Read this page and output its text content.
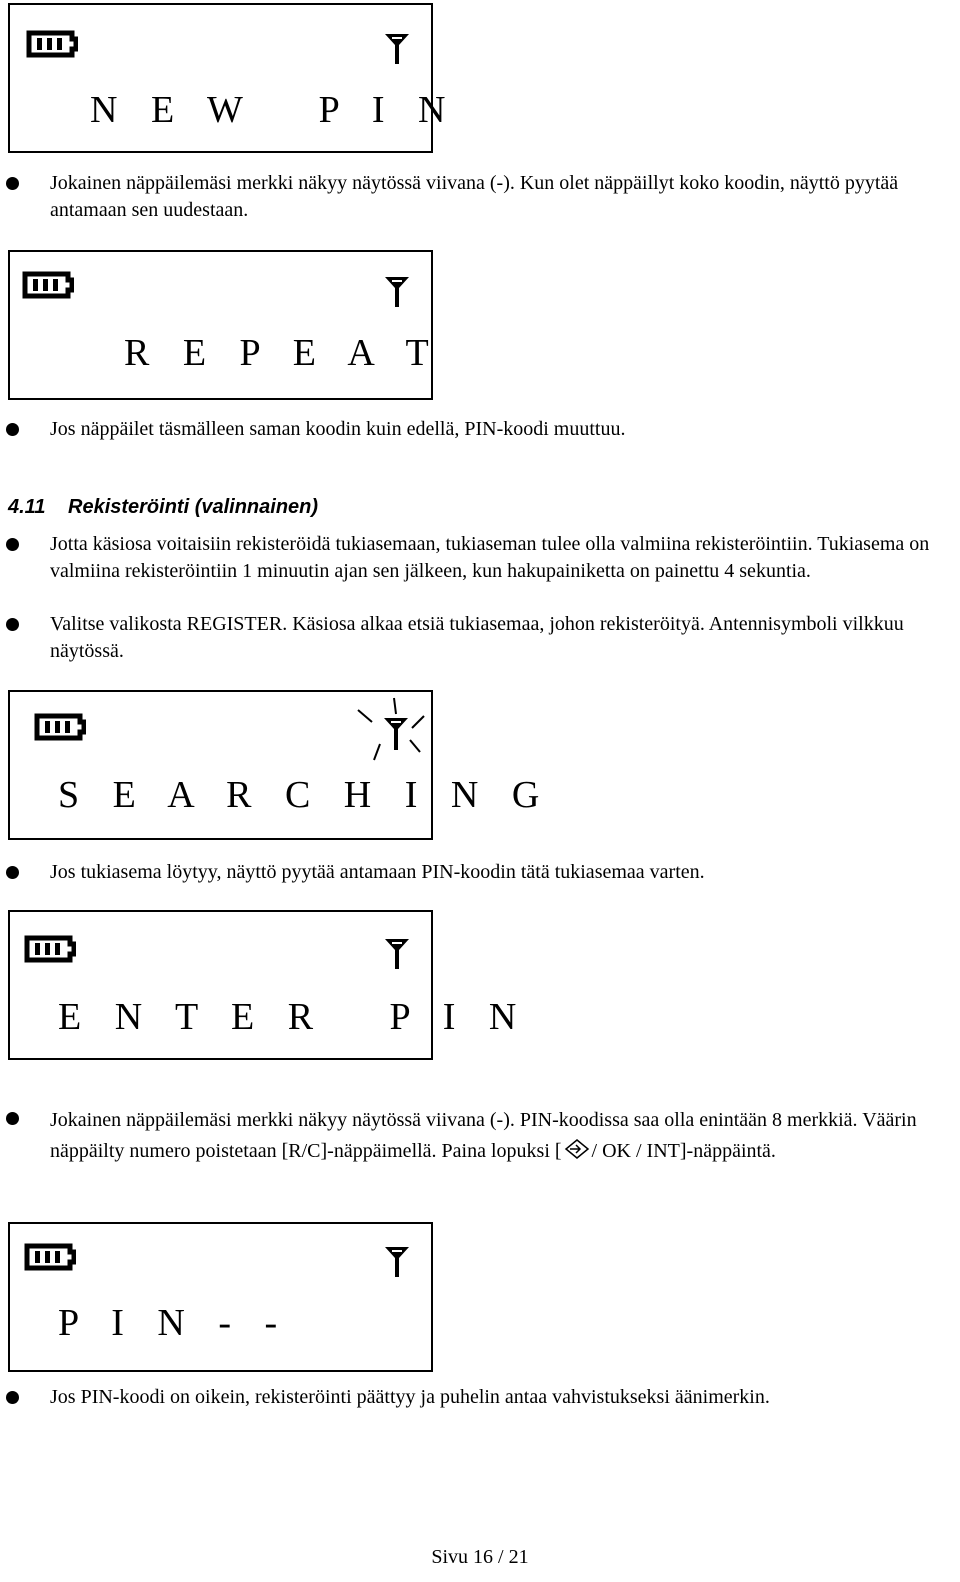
N E W   P I N
Jokainen näppäilemäsi merkki näkyy näytössä viivana (-). Kun olet näppäillyt koko koodin, näyttö pyytää antamaan sen uudestaan.
R E P E A T
Jos näppäilet täsmälleen saman koodin kuin edellä, PIN-koodi muuttuu.
4.11 Rekisteröinti (valinnainen)
Jotta käsiosa voitaisiin rekisteröidä tukiasemaan, tukiaseman tulee olla valmiina rekisteröintiin. Tukiasema on valmiina rekisteröintiin 1 minuutin ajan sen jälkeen, kun hakupainiketta on painettu 4 sekuntia.
Valitse valikosta REGISTER. Käsiosa alkaa etsiä tukiasemaa, johon rekisteröityä. Antennisymboli vilkkuu näytössä.
S E A R C H I N G
Jos tukiasema löytyy, näyttö pyytää antamaan PIN-koodin tätä tukiasemaa varten.
E N T E R   P I N
Jokainen näppäilemäsi merkki näkyy näytössä viivana (-). PIN-koodissa saa olla enintään 8 merkkiä. Väärin näppäilty numero poistetaan [R/C]-näppäimellä. Paina lopuksi [ / OK / INT]-näppäintä.
P I N - -
Jos PIN-koodi on oikein, rekisteröinti päättyy ja puhelin antaa vahvistukseksi äänimerkin.
Sivu 16 / 21
